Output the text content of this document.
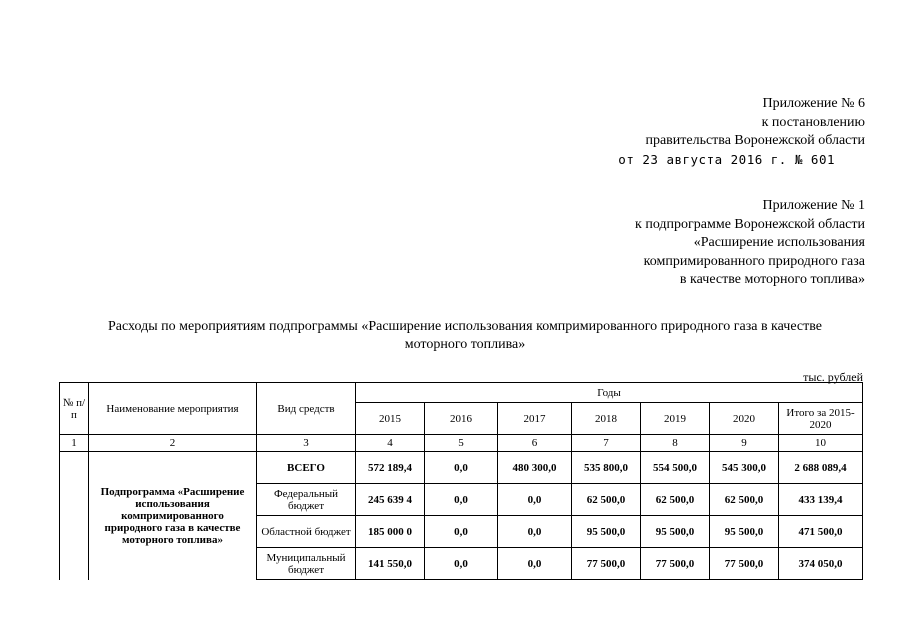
Приложение № 6
к постановлению
правительства Воронежской области
от 23 августа 2016 г. № 601
Приложение № 1
к подпрограмме Воронежской области
«Расширение использования
компримированного природного газа
в качестве моторного топлива»
Расходы по мероприятиям подпрограммы «Расширение использования компримированного природного газа в качестве
моторного топлива»
тыс. рублей
№ п/п	Наименование мероприятия	Вид средств	Годы						
			2015	2016	2017	2018	2019	2020	Итого за 2015-2020
1	2	3	4	5	6	7	8	9	10
	Подпрограмма «Расширение использования компримированного природного газа в качестве моторного топлива»	ВСЕГО	572 189,4	0,0	480 300,0	535 800,0	554 500,0	545 300,0	2 688 089,4
		Федеральный бюджет	245 639 4	0,0	0,0	62 500,0	62 500,0	62 500,0	433 139,4
		Областной бюджет	185 000 0	0,0	0,0	95 500,0	95 500,0	95 500,0	471 500,0
		Муниципальный бюджет	141 550,0	0,0	0,0	77 500,0	77 500,0	77 500,0	374 050,0
